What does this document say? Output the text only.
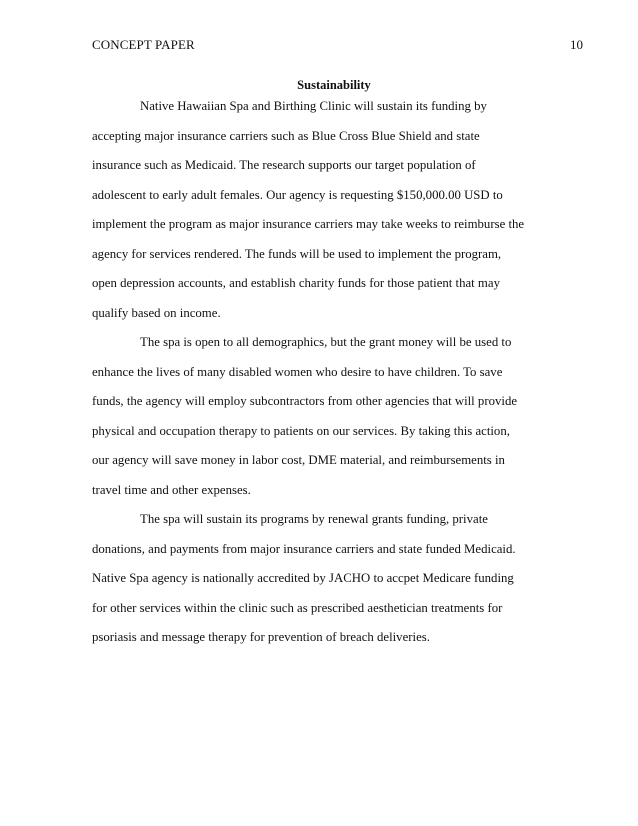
CONCEPT PAPER	10
Sustainability
Native Hawaiian Spa and Birthing Clinic will sustain its funding by
accepting major insurance carriers such as Blue Cross Blue Shield and state
insurance such as Medicaid. The research supports our target population of
adolescent to early adult females. Our agency is requesting $150,000.00 USD to
implement the program as major insurance carriers may take weeks to reimburse the
agency for services rendered. The funds will be used to implement the program,
open depression accounts, and establish charity funds for those patient that may
qualify based on income.
The spa is open to all demographics, but the grant money will be used to
enhance the lives of many disabled women who desire to have children. To save
funds, the agency will employ subcontractors from other agencies that will provide
physical and occupation therapy to patients on our services. By taking this action,
our agency will save money in labor cost, DME material, and reimbursements in
travel time and other expenses.
The spa will sustain its programs by renewal grants funding, private
donations, and payments from major insurance carriers and state funded Medicaid.
Native Spa agency is nationally accredited by JACHO to accpet Medicare funding
for other services within the clinic such as prescribed aesthetician treatments for
psoriasis and message therapy for prevention of breach deliveries.
